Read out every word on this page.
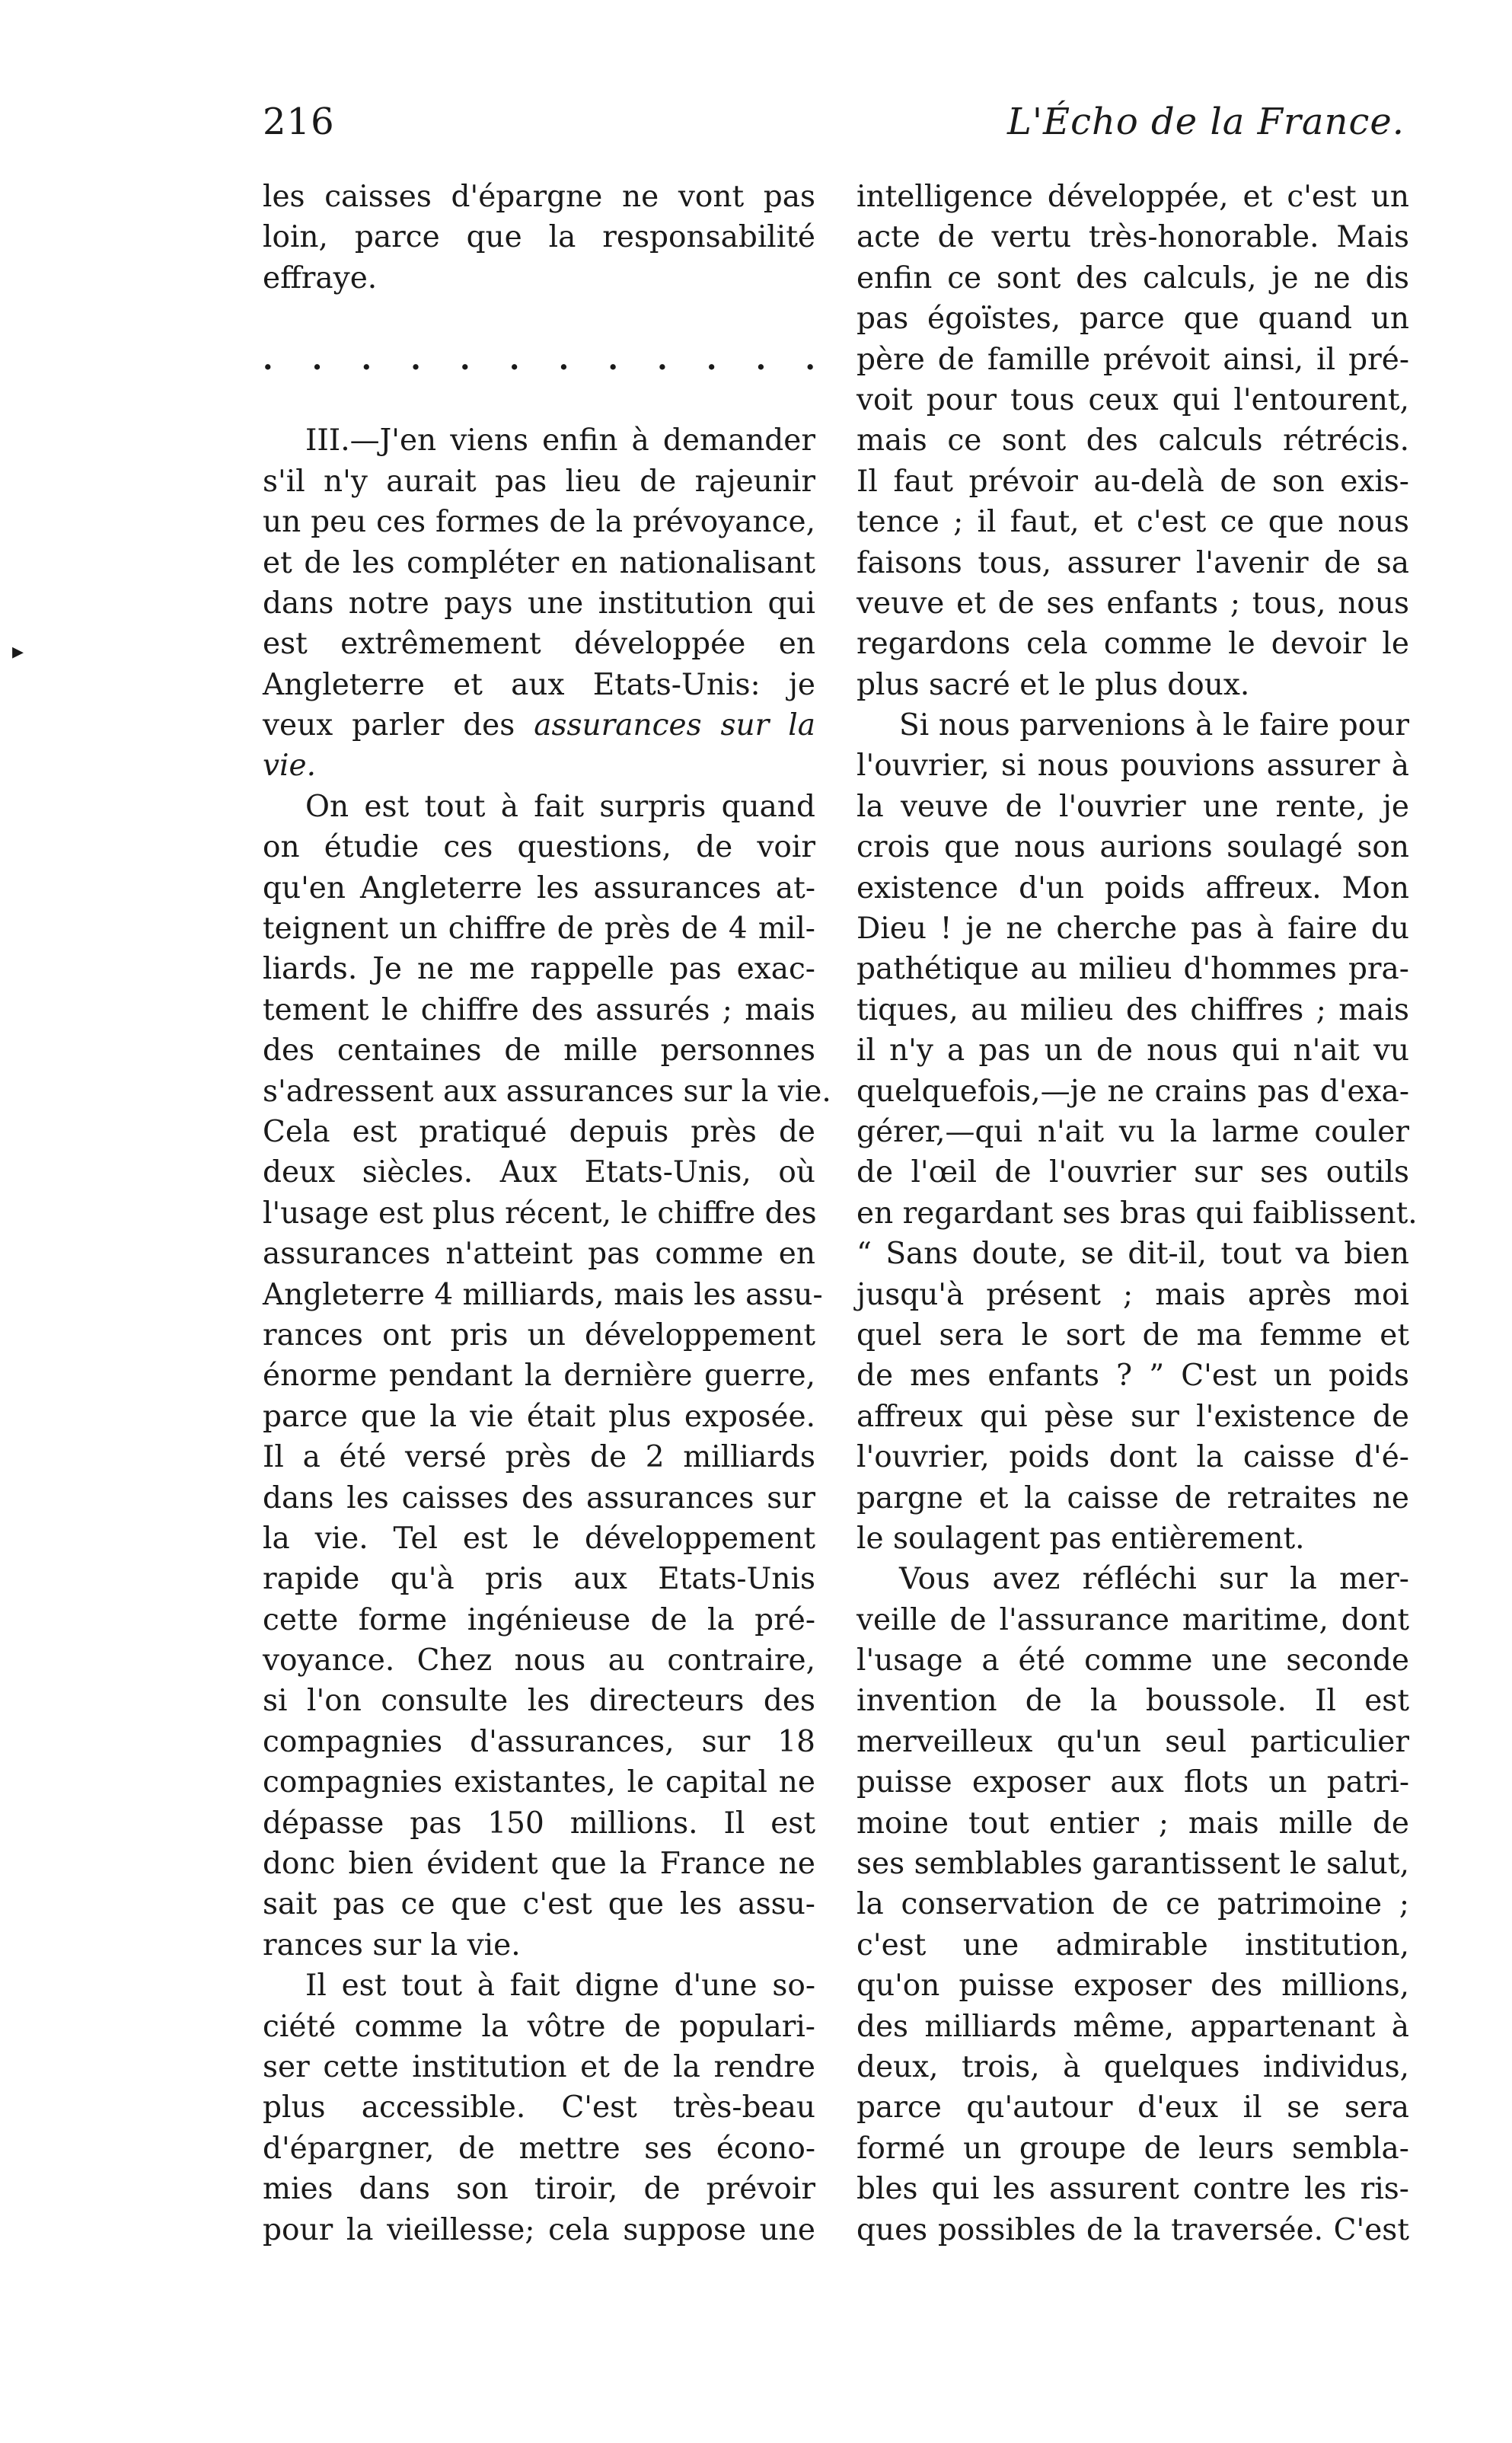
216	L'Écho de la France.
▸
les caisses d'épargne ne vont pas
loin, parce que la responsabilité
effraye.
. . . . . . . . . . . .
III.—J'en viens enfin à demander
s'il n'y aurait pas lieu de rajeunir
un peu ces formes de la prévoyance,
et de les compléter en nationalisant
dans notre pays une institution qui
est extrêmement développée en
Angleterre et aux Etats-Unis: je
veux parler des assurances sur la
vie.
On est tout à fait surpris quand
on étudie ces questions, de voir
qu'en Angleterre les assurances at-
teignent un chiffre de près de 4 mil-
liards. Je ne me rappelle pas exac-
tement le chiffre des assurés ; mais
des centaines de mille personnes
s'adressent aux assurances sur la vie.
Cela est pratiqué depuis près de
deux siècles. Aux Etats-Unis, où
l'usage est plus récent, le chiffre des
assurances n'atteint pas comme en
Angleterre 4 milliards, mais les assu-
rances ont pris un développement
énorme pendant la dernière guerre,
parce que la vie était plus exposée.
Il a été versé près de 2 milliards
dans les caisses des assurances sur
la vie. Tel est le développement
rapide qu'à pris aux Etats-Unis
cette forme ingénieuse de la pré-
voyance. Chez nous au contraire,
si l'on consulte les directeurs des
compagnies d'assurances, sur 18
compagnies existantes, le capital ne
dépasse pas 150 millions. Il est
donc bien évident que la France ne
sait pas ce que c'est que les assu-
rances sur la vie.
Il est tout à fait digne d'une so-
ciété comme la vôtre de populari-
ser cette institution et de la rendre
plus accessible. C'est très-beau
d'épargner, de mettre ses écono-
mies dans son tiroir, de prévoir
pour la vieillesse; cela suppose une
intelligence développée, et c'est un
acte de vertu très-honorable. Mais
enfin ce sont des calculs, je ne dis
pas égoïstes, parce que quand un
père de famille prévoit ainsi, il pré-
voit pour tous ceux qui l'entourent,
mais ce sont des calculs rétrécis.
Il faut prévoir au-delà de son exis-
tence ; il faut, et c'est ce que nous
faisons tous, assurer l'avenir de sa
veuve et de ses enfants ; tous, nous
regardons cela comme le devoir le
plus sacré et le plus doux.
Si nous parvenions à le faire pour
l'ouvrier, si nous pouvions assurer à
la veuve de l'ouvrier une rente, je
crois que nous aurions soulagé son
existence d'un poids affreux. Mon
Dieu ! je ne cherche pas à faire du
pathétique au milieu d'hommes pra-
tiques, au milieu des chiffres ; mais
il n'y a pas un de nous qui n'ait vu
quelquefois,—je ne crains pas d'exa-
gérer,—qui n'ait vu la larme couler
de l'œil de l'ouvrier sur ses outils
en regardant ses bras qui faiblissent.
“ Sans doute, se dit-il, tout va bien
jusqu'à présent ; mais après moi
quel sera le sort de ma femme et
de mes enfants ? ” C'est un poids
affreux qui pèse sur l'existence de
l'ouvrier, poids dont la caisse d'é-
pargne et la caisse de retraites ne
le soulagent pas entièrement.
Vous avez réfléchi sur la mer-
veille de l'assurance maritime, dont
l'usage a été comme une seconde
invention de la boussole. Il est
merveilleux qu'un seul particulier
puisse exposer aux flots un patri-
moine tout entier ; mais mille de
ses semblables garantissent le salut,
la conservation de ce patrimoine ;
c'est une admirable institution,
qu'on puisse exposer des millions,
des milliards même, appartenant à
deux, trois, à quelques individus,
parce qu'autour d'eux il se sera
formé un groupe de leurs sembla-
bles qui les assurent contre les ris-
ques possibles de la traversée. C'est
